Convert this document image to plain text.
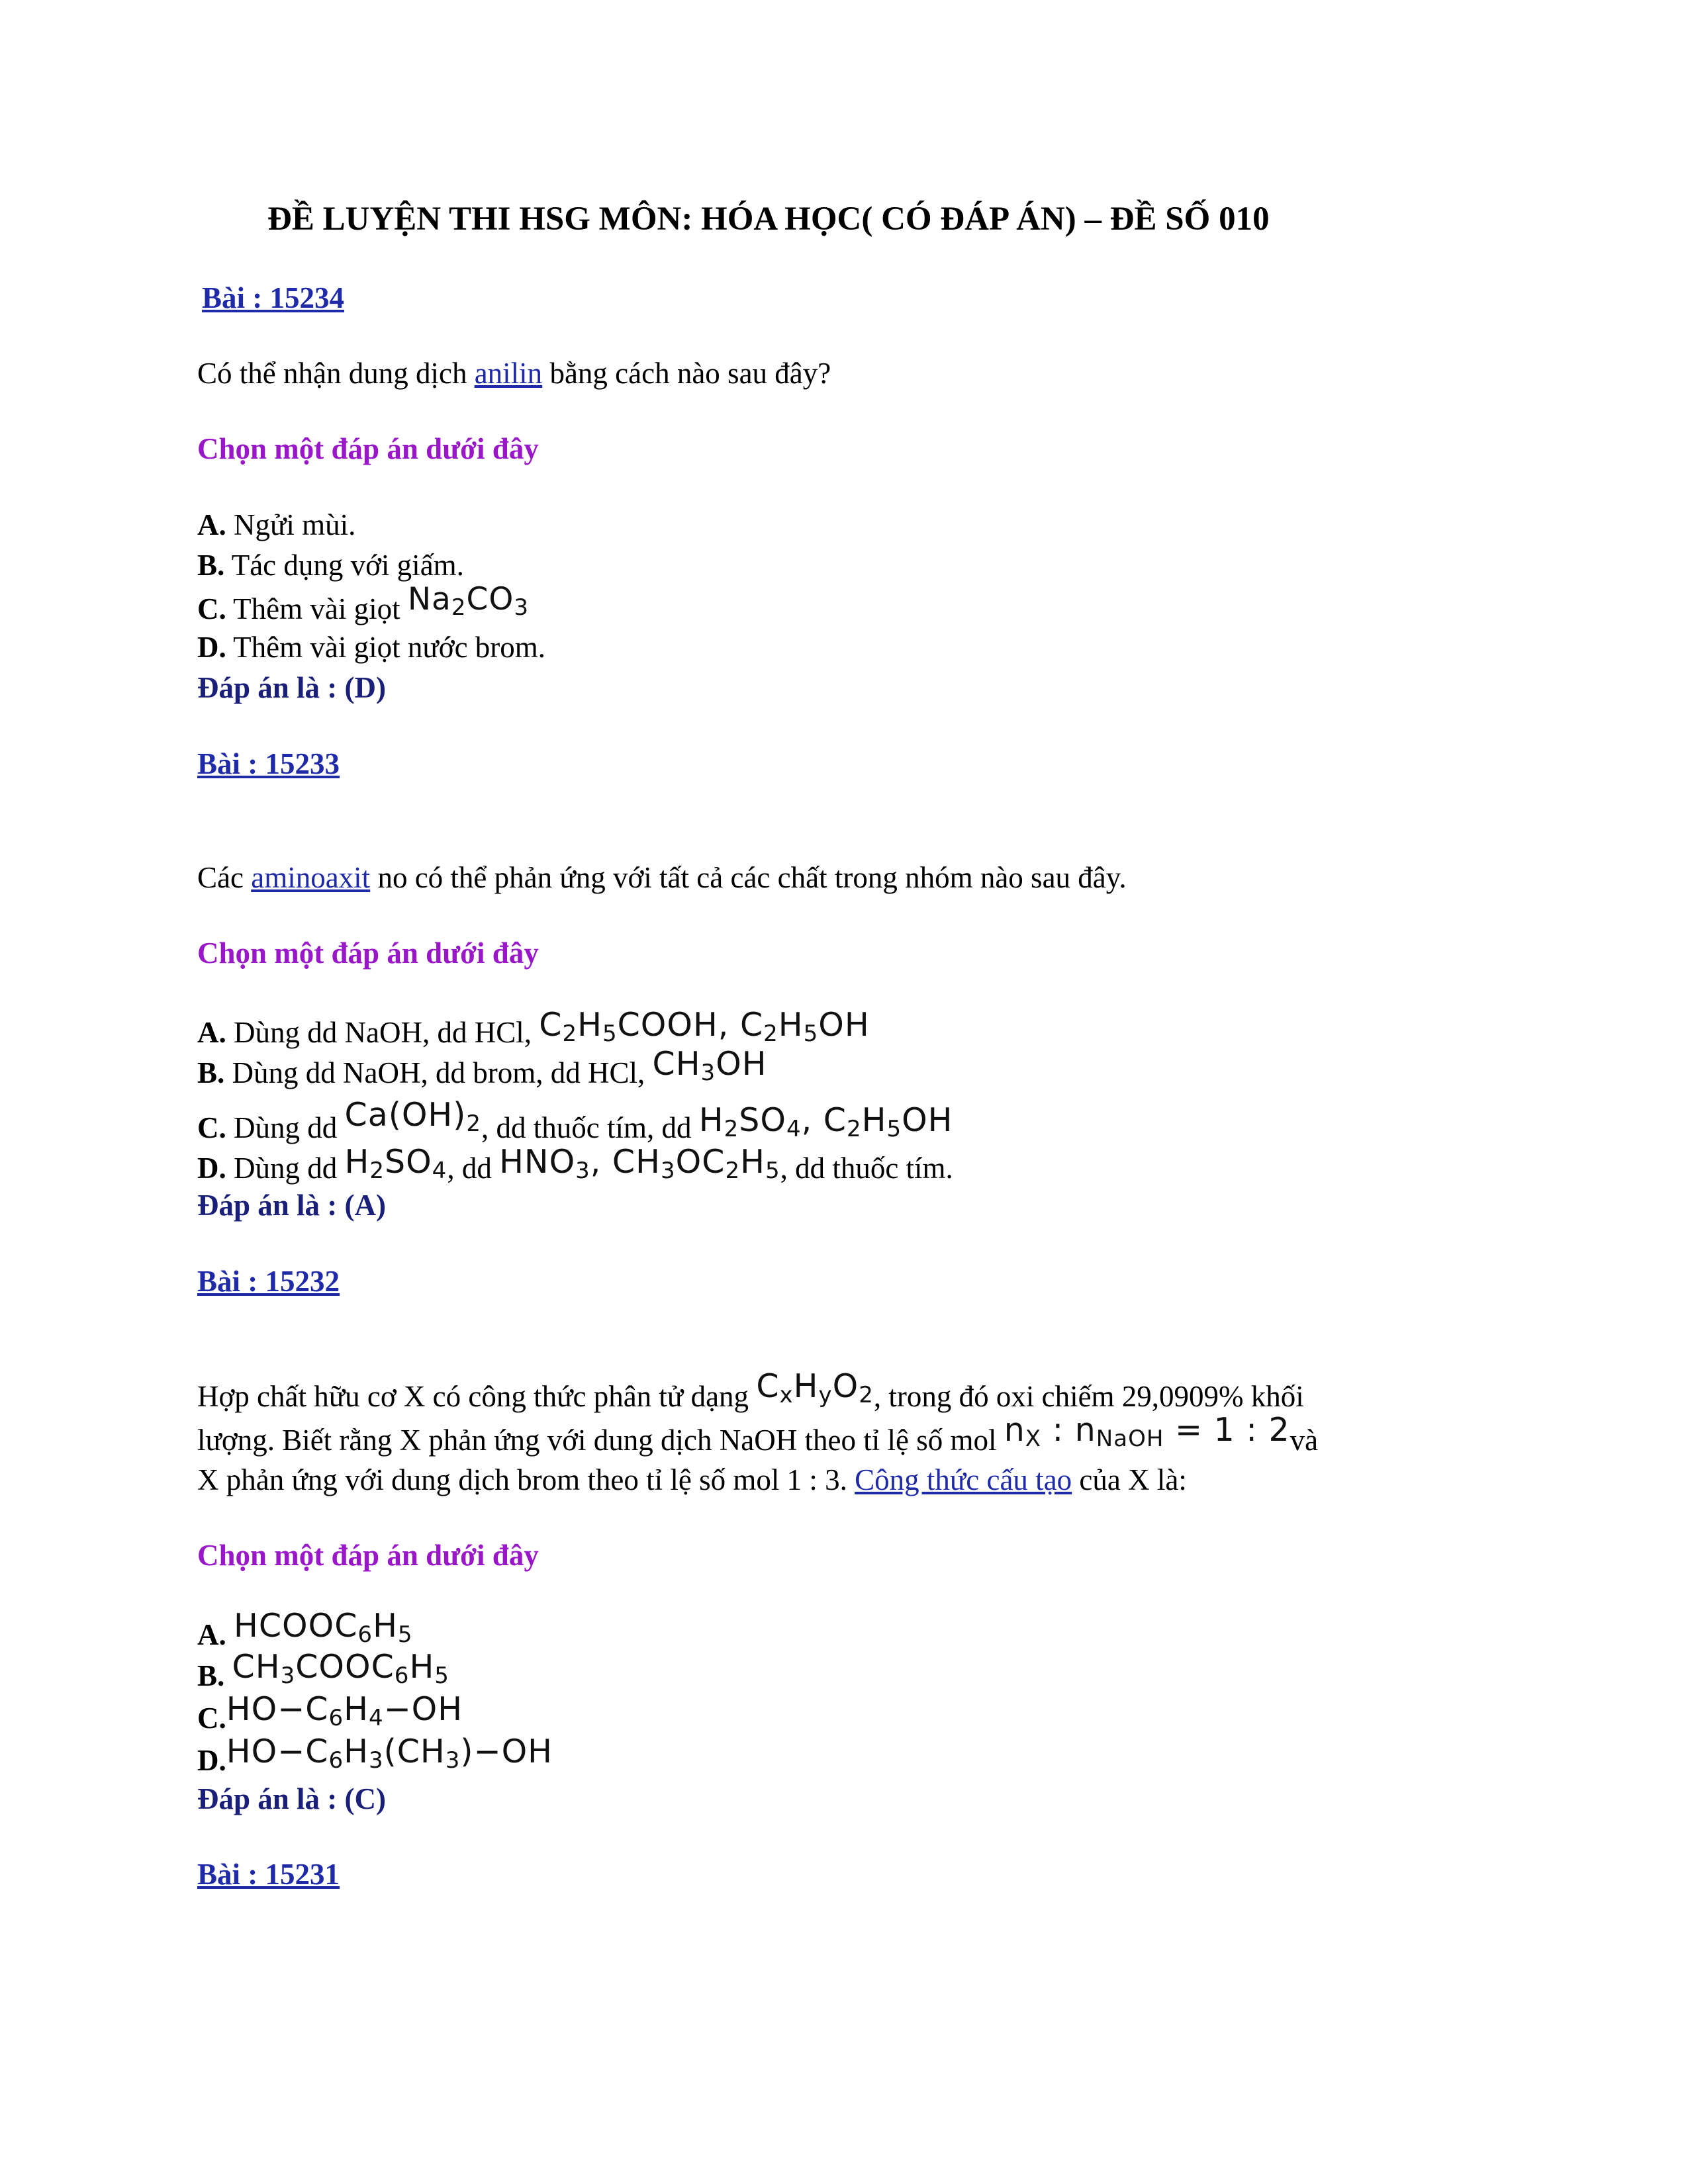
ĐỀ LUYỆN THI HSG MÔN: HÓA HỌC( CÓ ĐÁP ÁN) – ĐỀ SỐ 010
Bài : 15234
Có thể nhận dung dịch anilin bằng cách nào sau đây?
Chọn một đáp án dưới đây
A. Ngửi mùi.
B. Tác dụng với giấm.
C. Thêm vài giọt $Na_2CO_3$
D. Thêm vài giọt nước brom.
Đáp án là : (D)
Bài : 15233
Các aminoaxit no có thể phản ứng với tất cả các chất trong nhóm nào sau đây.
Chọn một đáp án dưới đây
A. Dùng dd NaOH, dd HCl, $C_2H_5COOH$, $C_2H_5OH$
B. Dùng dd NaOH, dd brom, dd HCl, $CH_3OH$
C. Dùng dd $Ca(OH)_2$, dd thuốc tím, dd $H_2SO_4$, $C_2H_5OH$
D. Dùng dd $H_2SO_4$, dd $HNO_3$, $CH_3OC_2H_5$, dd thuốc tím.
Đáp án là : (A)
Bài : 15232
Hợp chất hữu cơ X có công thức phân tử dạng $C_xH_yO_2$, trong đó oxi chiếm 29,0909% khối
lượng. Biết rằng X phản ứng với dung dịch NaOH theo tỉ lệ số mol $n_X$ : $n_{NaOH} = 1$ : 2và
X phản ứng với dung dịch brom theo tỉ lệ số mol 1 : 3. Công thức cấu tạo của X là:
Chọn một đáp án dưới đây
A. $HCOOC_6H_5$
B. $CH_3COOC_6H_5$
$C.HO-C_6H_4-OH$
$D.HO-C_6H_3(CH_3)-OH$
Đáp án là : (C)
Bài : 15231
